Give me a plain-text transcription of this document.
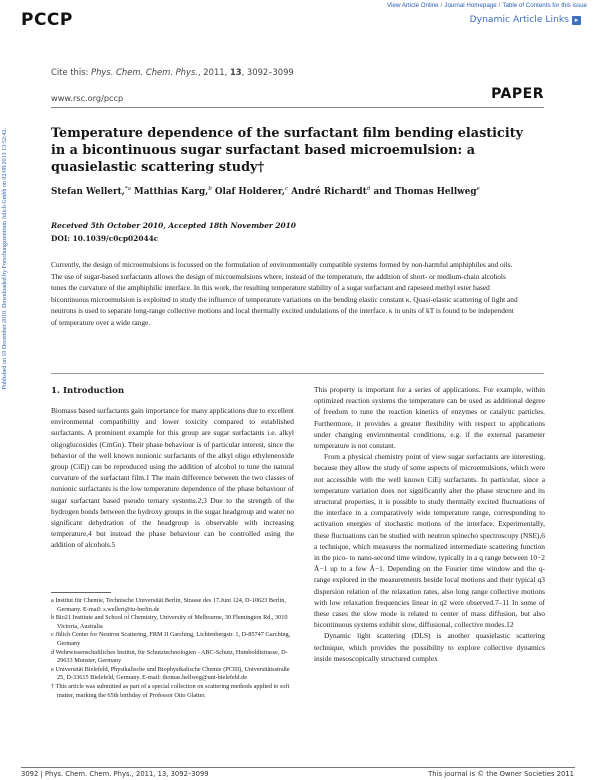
PCCP
View Article Online / Journal Homepage / Table of Contents for this issue
Dynamic Article Links ▸
Published on 10 December 2010. Downloaded by Forschungszentrum Julich Gmbh on 02/08/2013 13:52:42.
Cite this: Phys. Chem. Chem. Phys., 2011, 13, 3092–3099
www.rsc.org/pccp	PAPER
Temperature dependence of the surfactant film bending elasticity in a bicontinuous sugar surfactant based microemulsion: a quasielastic scattering study†
Stefan Wellert,$^{*a}$ Matthias Karg,$^b$ Olaf Holderer,$^c$ André Richardt$^d$ and Thomas Hellweg$^e$
Received 5th October 2010, Accepted 18th November 2010
DOI: 10.1039/c0cp02044c
Currently, the design of microemulsions is focussed on the formulation of environmentally compatible systems formed by non-harmful amphiphiles and oils. The use of sugar-based surfactants allows the design of microemulsions where, instead of the temperature, the addition of short- or medium-chain alcohols tunes the curvature of the amphiphilic interface. In this work, the resulting temperature stability of a sugar surfactant and rapeseed methyl ester based bicontinuous microemulsion is exploited to study the influence of temperature variations on the bending elastic constant κ. Quasi-elastic scattering of light and neutrons is used to separate long-range collective motions and local thermally excited undulations of the interface. κ in units of kT is found to be independent of temperature over a wide range.
1. Introduction

Biomass based surfactants gain importance for many applications due to excellent environmental compatibility and lower toxicity compared to established surfactants. A prominent example for this group are sugar surfactants i.e. alkyl oligoglucosides (CmGn). Their phase behaviour is of particular interest, since the behavior of the well known nonionic surfactants of the alkyl oligo ethyleneoxide group (CiEj) can be reproduced using the addition of alcohol to tune the natural curvature of the surfactant film.1 The main difference between the two classes of nonionic surfactants is the low temperature dependence of the phase behaviour of sugar surfactant based pseudo ternary systems.2,3 Due to the strength of the hydrogen bonds between the hydroxy groups in the sugar headgroup and water no significant dehydration of the headgroup is observable with increasing temperature,4 but instead the phase behaviour can be controlled using the addition of alcohols.5

This property is important for a series of applications. For example, within optimized reaction systems the temperature can be used as additional degree of freedom to tune the reaction kinetics of enzymes or catalytic particles. Furthermore, it provides a greater flexibility with respect to applications under changing environmental conditions, e.g. if the external parameter temperature is not constant.

From a physical chemistry point of view sugar surfactants are interesting, because they allow the study of some aspects of microemulsions, which were not accessible with the well known CiEj surfactants. In particular, since a temperature variation does not significantly alter the phase structure and its structural properties, it is possible to study thermally excited fluctuations of the interface in a comparatively wide temperature range, corresponding to activation energies of stochastic motions of the interface. Experimentally, these fluctuations can be studied with neutron spinecho spectroscopy (NSE),6 a technique, which measures the normalized intermediate scattering function in the pico- to nano-second time window, typically in a q range between 10−2 Å−1 up to a few Å−1. Depending on the Fourier time window and the q-range explored in the measurements beside local motions and their typical q3 dispersion relation of the relaxation rates, also long range collective motions with low relaxation frequencies linear in q2 were observed.7–11 In some of these cases the slow mode is related to center of mass diffusion, but also bicontinuous systems exhibit slow, diffusional, collective modes.12

Dynamic light scattering (DLS) is another quasielastic scattering technique, which provides the possibility to explore collective dynamics inside mesoscopically structured complex

a Institut für Chemie, Technische Universität Berlin, Strasse des 17.Juni 124, D-10623 Berlin, Germany. E-mail: s.wellert@tu-berlin.de
b Bio21 Institute and School of Chemistry, University of Melbourne, 30 Flemington Rd., 3010 Victoria, Australia
c Jülich Center for Neutron Scattering, FRM II Garching, Lichtenbergstr. 1, D-85747 Garching, Germany
d Wehrwissenschaftliches Institut, für Schutztechnologien - ABC-Schutz, Humboldtstrasse, D-29633 Munster, Germany
e Universität Bielefeld, Physikalische und Biophysikalische Chemie (PCIII), Universitätsstraße 25, D-33615 Bielefeld, Germany. E-mail: thomas.hellweg@uni-bielefeld.de
† This article was submitted as part of a special collection on scattering methods applied to soft matter, marking the 65th birthday of Professor Otto Glatter.
3092 | Phys. Chem. Chem. Phys., 2011, 13, 3092–3099	This journal is © the Owner Societies 2011
